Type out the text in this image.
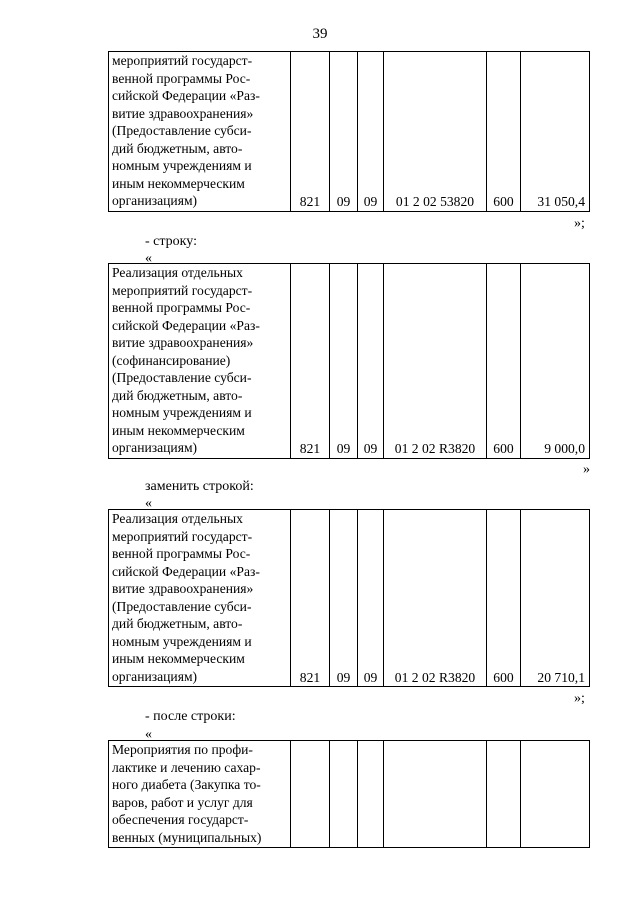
39
мероприятий государст-
венной программы Рос-
сийской Федерации «Раз-
витие здравоохранения»
(Предоставление субси-
дий бюджетным, авто-
номным учреждениям и
иным некоммерческим
организациям)	821	09	09	01 2 02 53820	600	31 050,4
»;
- строку:
«
Реализация отдельных
мероприятий государст-
венной программы Рос-
сийской Федерации «Раз-
витие здравоохранения»
(софинансирование)
(Предоставление субси-
дий бюджетным, авто-
номным учреждениям и
иным некоммерческим
организациям)	821	09	09	01 2 02 R3820	600	9 000,0
»
заменить строкой:
«
Реализация отдельных
мероприятий государст-
венной программы Рос-
сийской Федерации «Раз-
витие здравоохранения»
(Предоставление субси-
дий бюджетным, авто-
номным учреждениям и
иным некоммерческим
организациям)	821	09	09	01 2 02 R3820	600	20 710,1
»;
- после строки:
«
Мероприятия по профи-
лактике и лечению сахар-
ного диабета (Закупка то-
варов, работ и услуг для
обеспечения государст-
венных (муниципальных)
